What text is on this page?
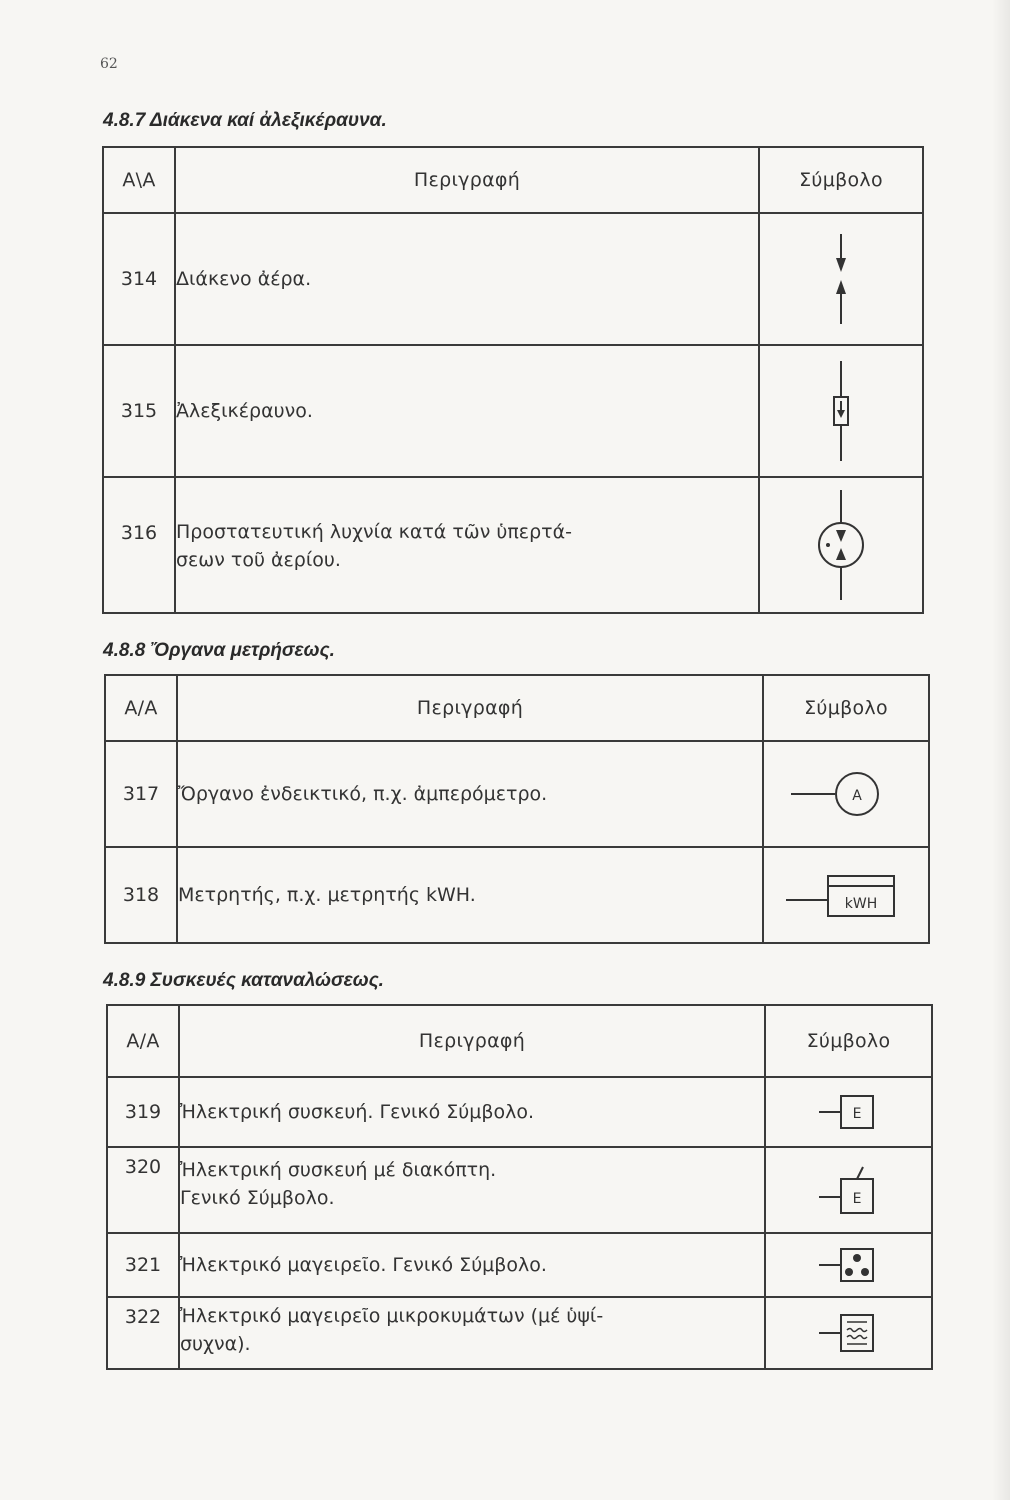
62
4.8.7 Διάκενα καί ἀλεξικέραυνα.
Α\Α	Περιγραφή	Σύμβολο
314	Διάκενο ἀέρα.	

315	Ἀλεξικέραυνο.	

316	Προστατευτική λυχνία κατά τῶν ὑπερτά-
σεων τοῦ ἀερίου.	
4.8.8 Ὄργανα μετρήσεως.
Α/Α	Περιγραφή	Σύμβολο
317	Ὄργανο ἐνδεικτικό, π.χ. ἀμπερόμετρο.	A

318	Μετρητής, π.χ. μετρητής kWH.	kWH
4.8.9 Συσκευές καταναλώσεως.
Α/Α	Περιγραφή	Σύμβολο
319	Ἠλεκτρική συσκευή. Γενικό Σύμβολο.	E

320	Ἠλεκτρική συσκευή μέ διακόπτη.
Γενικό Σύμβολο.	E

321	Ἠλεκτρικό μαγειρεῖο. Γενικό Σύμβολο.	

322	Ἠλεκτρικό μαγειρεῖο μικροκυμάτων (μέ ὑψί-
συχνα).	
